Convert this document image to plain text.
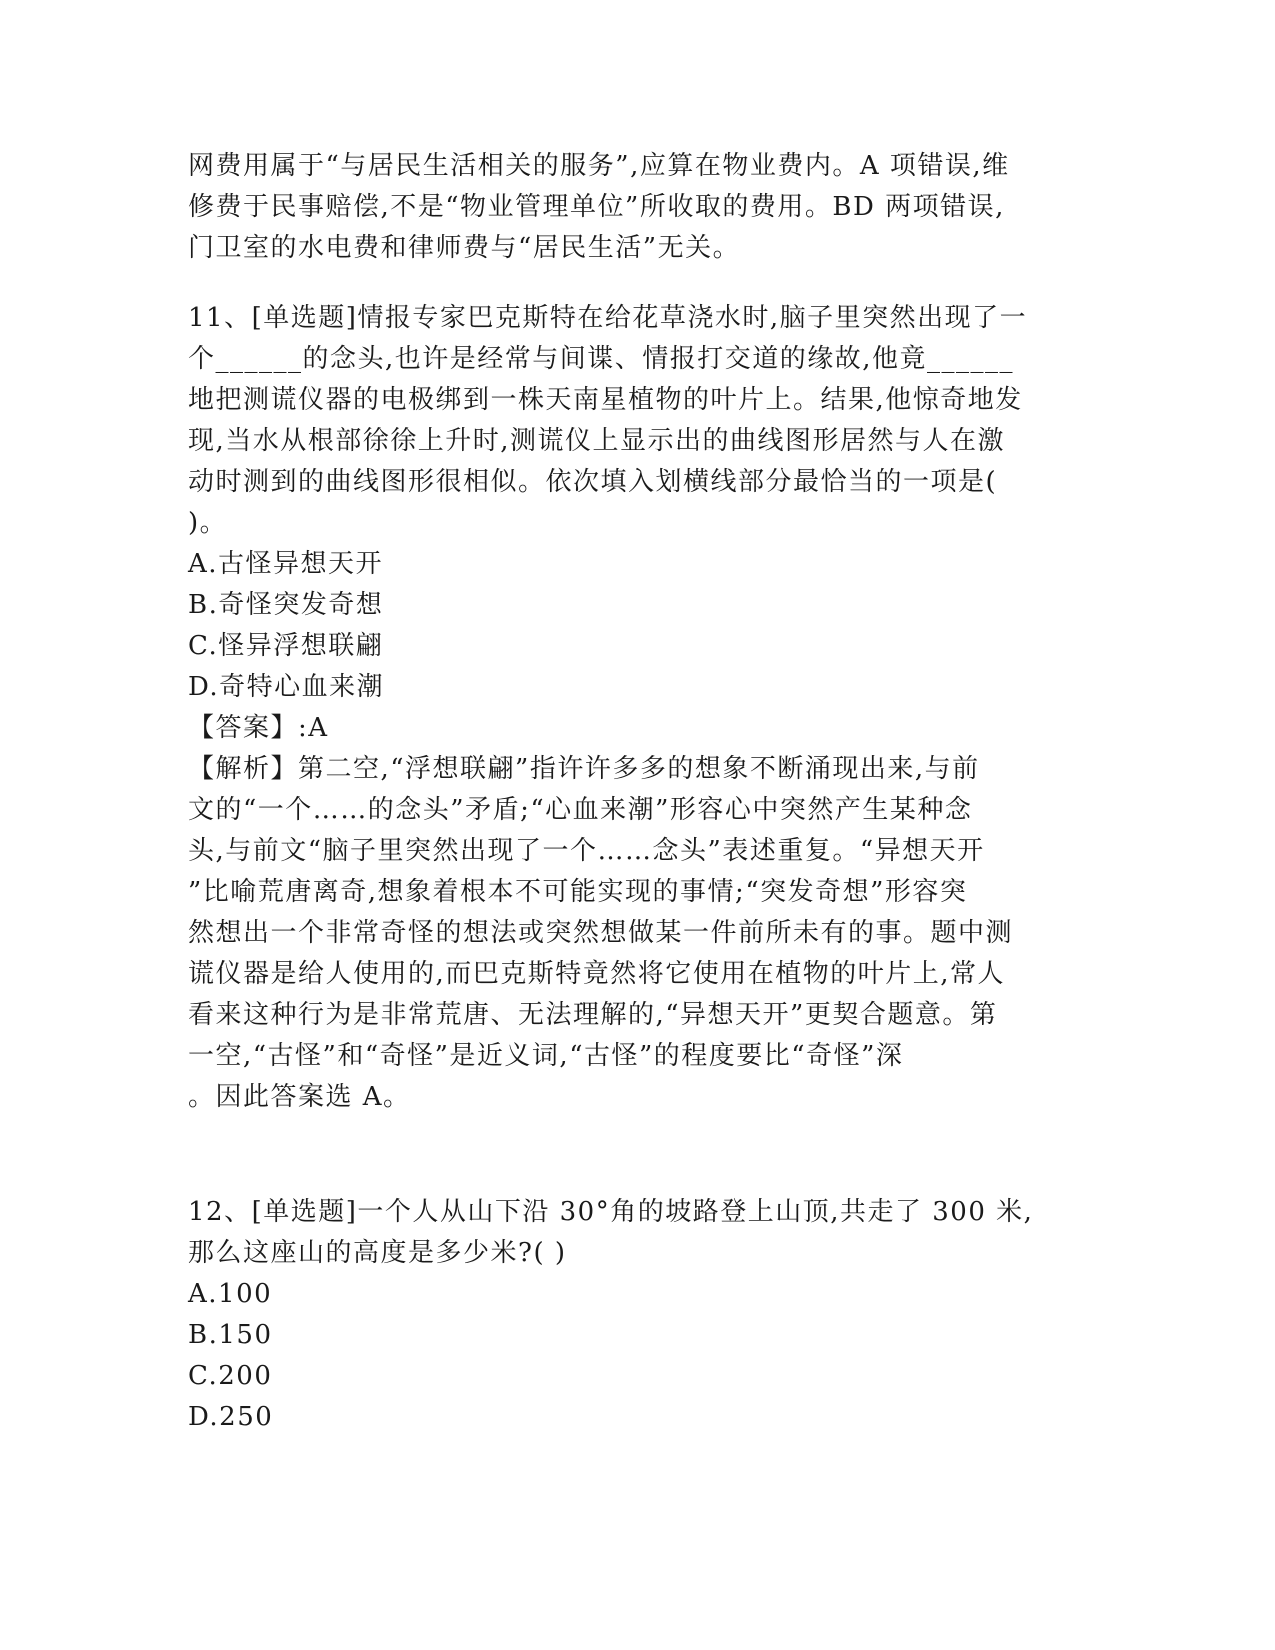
网费用属于“与居民生活相关的服务”,应算在物业费内。A 项错误,维
修费于民事赔偿,不是“物业管理单位”所收取的费用。BD 两项错误,
门卫室的水电费和律师费与“居民生活”无关。
11、[单选题]情报专家巴克斯特在给花草浇水时,脑子里突然出现了一
个______的念头,也许是经常与间谍、情报打交道的缘故,他竟______
地把测谎仪器的电极绑到一株天南星植物的叶片上。结果,他惊奇地发
现,当水从根部徐徐上升时,测谎仪上显示出的曲线图形居然与人在激
动时测到的曲线图形很相似。依次填入划横线部分最恰当的一项是(
)。
A.古怪异想天开
B.奇怪突发奇想
C.怪异浮想联翩
D.奇特心血来潮
【答案】:A
【解析】第二空,“浮想联翩”指许许多多的想象不断涌现出来,与前
文的“一个……的念头”矛盾;“心血来潮”形容心中突然产生某种念
头,与前文“脑子里突然出现了一个……念头”表述重复。“异想天开
”比喻荒唐离奇,想象着根本不可能实现的事情;“突发奇想”形容突
然想出一个非常奇怪的想法或突然想做某一件前所未有的事。题中测
谎仪器是给人使用的,而巴克斯特竟然将它使用在植物的叶片上,常人
看来这种行为是非常荒唐、无法理解的,“异想天开”更契合题意。第
一空,“古怪”和“奇怪”是近义词,“古怪”的程度要比“奇怪”深
。因此答案选 A。
12、[单选题]一个人从山下沿 30°角的坡路登上山顶,共走了 300 米,
那么这座山的高度是多少米?( )
A.100
B.150
C.200
D.250
